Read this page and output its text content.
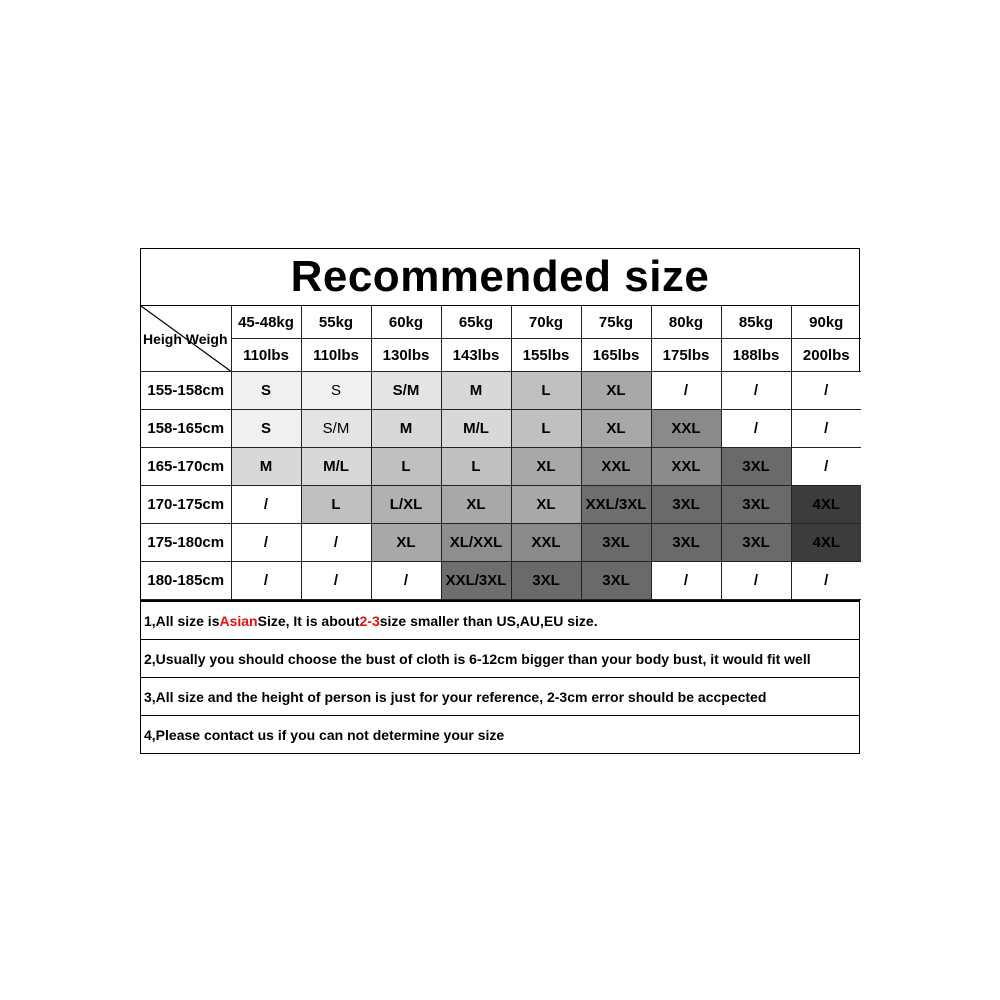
Recommended size
Heigh Weigh	45-48kg	55kg	60kg	65kg	70kg	75kg	80kg	85kg	90kg
	110lbs	110lbs	130lbs	143lbs	155lbs	165lbs	175lbs	188lbs	200lbs
155-158cm	S	S	S/M	M	L	XL	/	/	/
158-165cm	S	S/M	M	M/L	L	XL	XXL	/	/
165-170cm	M	M/L	L	L	XL	XXL	XXL	3XL	/
170-175cm	/	L	L/XL	XL	XL	XXL/3XL	3XL	3XL	4XL
175-180cm	/	/	XL	XL/XXL	XXL	3XL	3XL	3XL	4XL
180-185cm	/	/	/	XXL/3XL	3XL	3XL	/	/	/
1,All size is Asian Size, It is about 2-3 size smaller than US,AU,EU size.
2,Usually you should choose the bust of cloth is 6-12cm bigger than your body bust, it would fit well
3,All size and the height of person is just for your reference, 2-3cm error should be accpected
4,Please contact us if you can not determine your size
